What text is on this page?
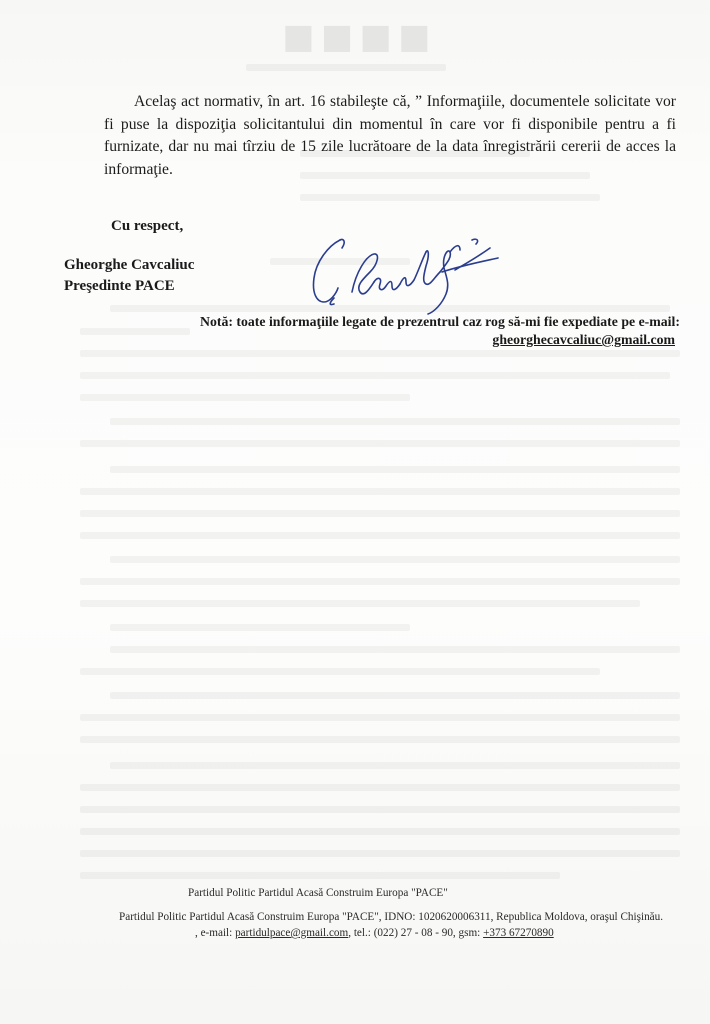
■■■■
Acelaş act normativ, în art. 16 stabileşte că, ” Informaţiile, documentele solicitate vor fi puse la dispoziţia solicitantului din momentul în care vor fi disponibile pentru a fi furnizate, dar nu mai tîrziu de 15 zile lucrătoare de la data înregistrării cererii de acces la informaţie.
Cu respect,
Gheorghe Cavcaliuc
Preşedinte PACE
Notă: toate informaţiile legate de prezentrul caz rog să-mi fie expediate pe e-mail:
gheorghecavcaliuc@gmail.com
Partidul Politic Partidul Acasă Construim Europa "PACE"
Partidul Politic Partidul Acasă Construim Europa "PACE", IDNO: 1020620006311, Republica Moldova, oraşul Chişinău.
, e-mail: partidulpace@gmail.com, tel.: (022) 27 - 08 - 90, gsm: +373 67270890
